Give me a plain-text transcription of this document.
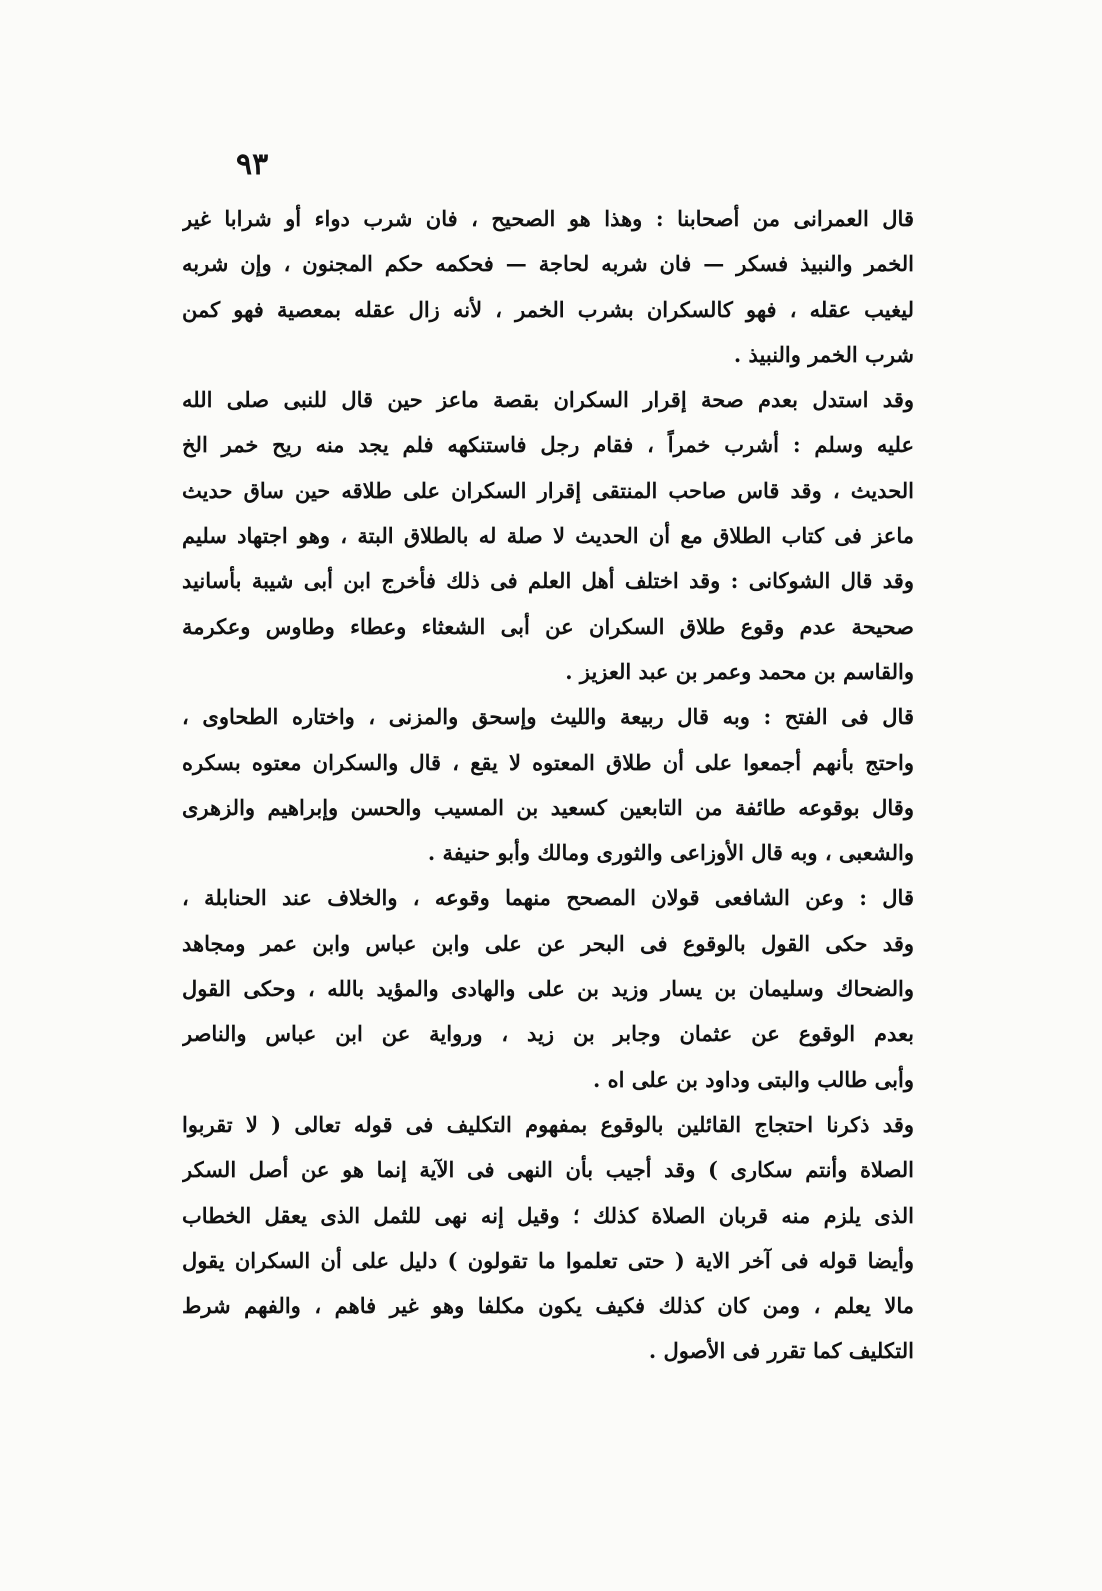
٩٣
قال العمرانى من أصحابنا : وهذا هو الصحيح ، فان شرب دواء أو شرابا غير
الخمر والنبيذ فسكر — فان شربه لحاجة — فحكمه حكم المجنون ، وإن شربه
ليغيب عقله ، فهو كالسكران بشرب الخمر ، لأنه زال عقله بمعصية فهو كمن
شرب الخمر والنبيذ .
وقد استدل بعدم صحة إقرار السكران بقصة ماعز حين قال للنبى صلى الله
عليه وسلم : أشرب خمراً ، فقام رجل فاستنكهه فلم يجد منه ريح خمر الخ
الحديث ، وقد قاس صاحب المنتقى إقرار السكران على طلاقه حين ساق حديث
ماعز فى كتاب الطلاق مع أن الحديث لا صلة له بالطلاق البتة ، وهو اجتهاد سليم
وقد قال الشوكانى : وقد اختلف أهل العلم فى ذلك فأخرج ابن أبى شيبة بأسانيد
صحيحة عدم وقوع طلاق السكران عن أبى الشعثاء وعطاء وطاوس وعكرمة
والقاسم بن محمد وعمر بن عبد العزيز .
قال فى الفتح : وبه قال ربيعة والليث وإسحق والمزنى ، واختاره الطحاوى ،
واحتج بأنهم أجمعوا على أن طلاق المعتوه لا يقع ، قال والسكران معتوه بسكره
وقال بوقوعه طائفة من التابعين كسعيد بن المسيب والحسن وإبراهيم والزهرى
والشعبى ، وبه قال الأوزاعى والثورى ومالك وأبو حنيفة .
قال : وعن الشافعى قولان المصحح منهما وقوعه ، والخلاف عند الحنابلة ،
وقد حكى القول بالوقوع فى البحر عن على وابن عباس وابن عمر ومجاهد
والضحاك وسليمان بن يسار وزيد بن على والهادى والمؤيد بالله ، وحكى القول
بعدم الوقوع عن عثمان وجابر بن زيد ، ورواية عن ابن عباس والناصر
وأبى طالب والبتى وداود بن على اه .
وقد ذكرنا احتجاج القائلين بالوقوع بمفهوم التكليف فى قوله تعالى ( لا تقربوا
الصلاة وأنتم سكارى ) وقد أجيب بأن النهى فى الآية إنما هو عن أصل السكر
الذى يلزم منه قربان الصلاة كذلك ؛ وقيل إنه نهى للثمل الذى يعقل الخطاب
وأيضا قوله فى آخر الاية ( حتى تعلموا ما تقولون ) دليل على أن السكران يقول
مالا يعلم ، ومن كان كذلك فكيف يكون مكلفا وهو غير فاهم ، والفهم شرط
التكليف كما تقرر فى الأصول .
